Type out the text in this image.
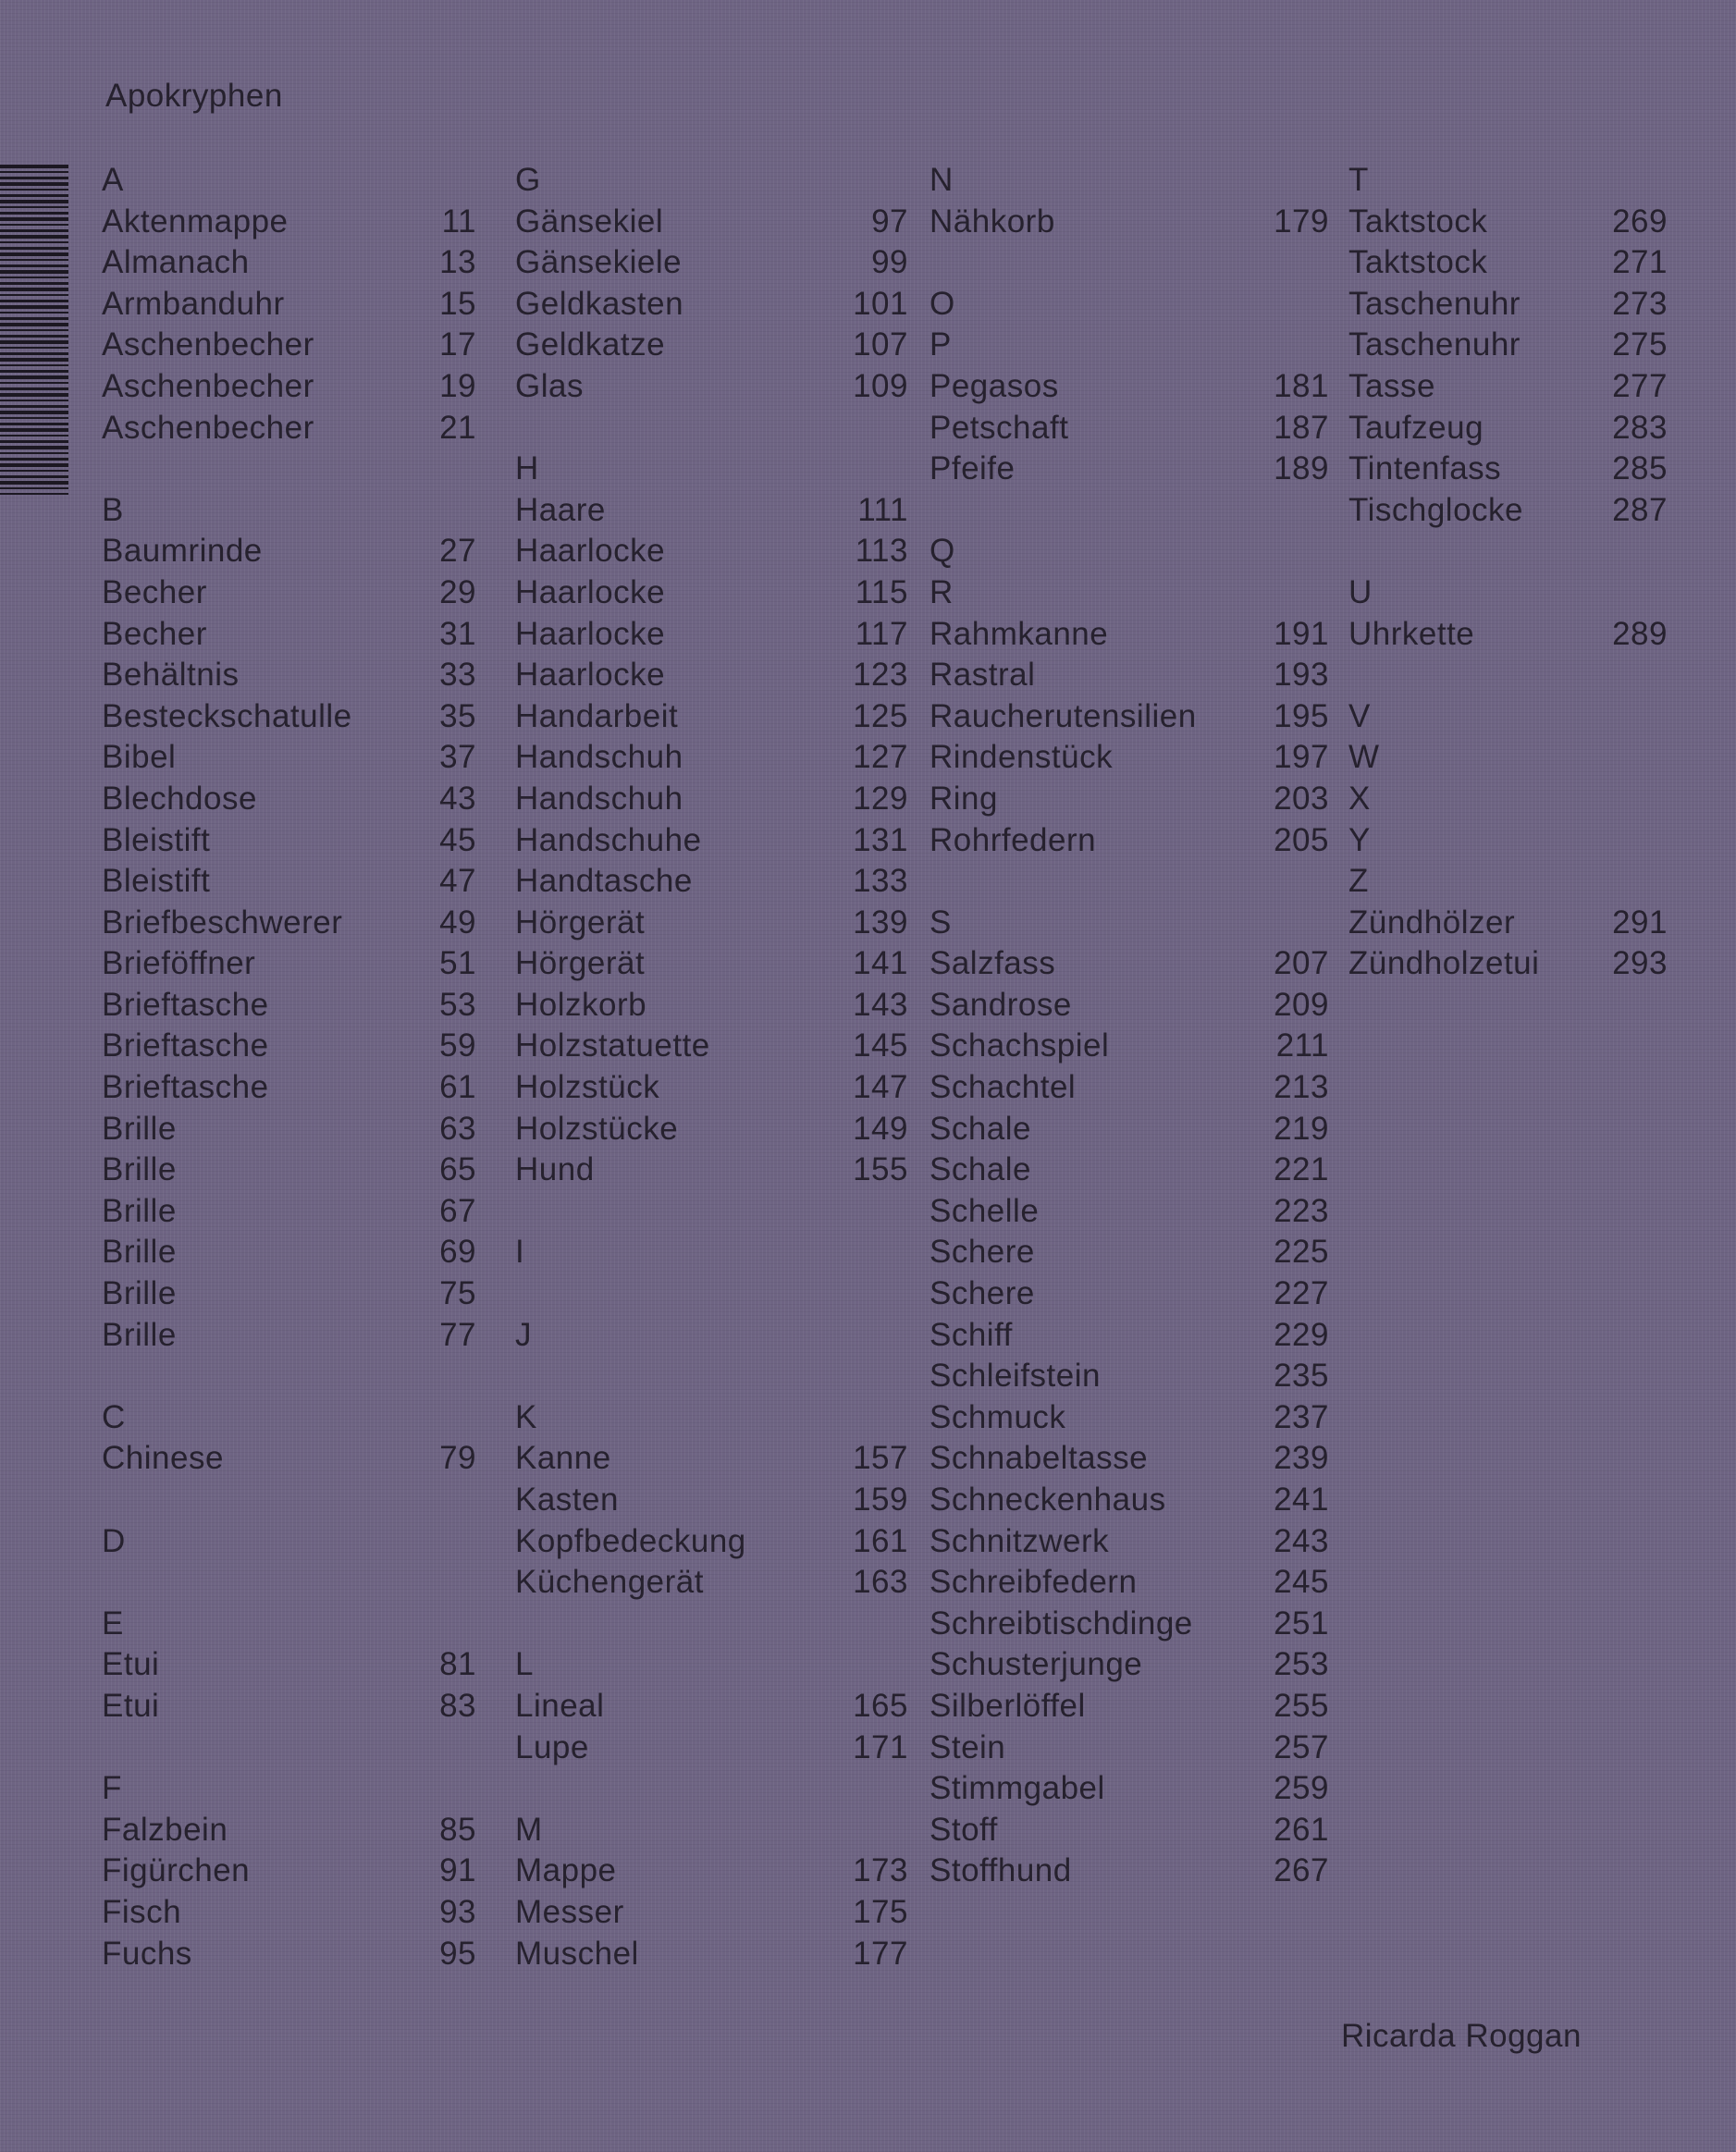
Apokryphen
A
Aktenmappe	11
Almanach	13
Armbanduhr	15
Aschenbecher	17
Aschenbecher	19
Aschenbecher	21
B
Baumrinde	27
Becher	29
Becher	31
Behältnis	33
Besteckschatulle	35
Bibel	37
Blechdose	43
Bleistift	45
Bleistift	47
Briefbeschwerer	49
Brieföffner	51
Brieftasche	53
Brieftasche	59
Brieftasche	61
Brille	63
Brille	65
Brille	67
Brille	69
Brille	75
Brille	77
C
Chinese	79
D
E
Etui	81
Etui	83
F
Falzbein	85
Figürchen	91
Fisch	93
Fuchs	95
G
Gänsekiel	97
Gänsekiele	99
Geldkasten	101
Geldkatze	107
Glas	109
H
Haare	111
Haarlocke	113
Haarlocke	115
Haarlocke	117
Haarlocke	123
Handarbeit	125
Handschuh	127
Handschuh	129
Handschuhe	131
Handtasche	133
Hörgerät	139
Hörgerät	141
Holzkorb	143
Holzstatuette	145
Holzstück	147
Holzstücke	149
Hund	155
I
J
K
Kanne	157
Kasten	159
Kopfbedeckung	161
Küchengerät	163
L
Lineal	165
Lupe	171
M
Mappe	173
Messer	175
Muschel	177
N
Nähkorb	179
O
P
Pegasos	181
Petschaft	187
Pfeife	189
Q
R
Rahmkanne	191
Rastral	193
Raucherutensilien 195
Rindenstück	197
Ring	203
Rohrfedern	205
S
Salzfass	207
Sandrose	209
Schachspiel	211
Schachtel	213
Schale	219
Schale	221
Schelle	223
Schere	225
Schere	227
Schiff	229
Schleifstein	235
Schmuck	237
Schnabeltasse	239
Schneckenhaus	241
Schnitzwerk	243
Schreibfedern	245
Schreibtischdinge 251
Schusterjunge	253
Silberlöffel	255
Stein	257
Stimmgabel	259
Stoff	261
Stoffhund	267
T
Taktstock	269
Taktstock	271
Taschenuhr	273
Taschenuhr	275
Tasse	277
Taufzeug	283
Tintenfass	285
Tischglocke	287
U
Uhrkette	289
V
W
X
Y
Z
Zündhölzer	291
Zündholzetui 293
Ricarda Roggan
